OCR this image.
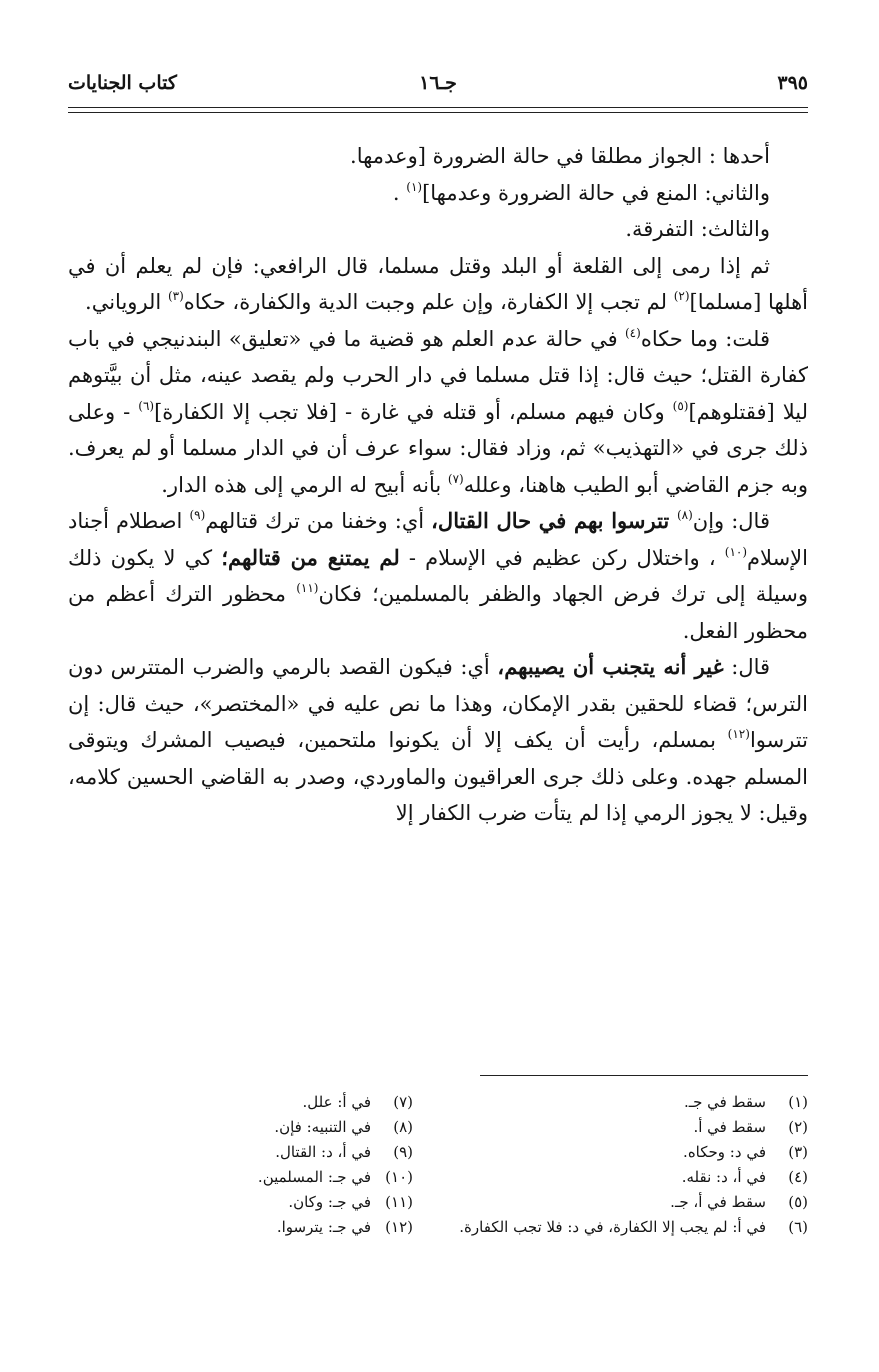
٣٩٥
جـ١٦
كتاب الجنايات

أحدها : الجواز مطلقا في حالة الضرورة [وعدمها.

والثاني: المنع في حالة الضرورة وعدمها]$^{(١)}$ .

والثالث: التفرقة.

ثم إذا رمى إلى القلعة أو البلد وقتل مسلما، قال الرافعي: فإن لم يعلم أن في أهلها [مسلما]$^{(٢)}$ لم تجب إلا الكفارة، وإن علم وجبت الدية والكفارة، حكاه$^{(٣)}$ الروياني.

قلت: وما حكاه$^{(٤)}$ في حالة عدم العلم هو قضية ما في «تعليق» البندنيجي في باب كفارة القتل؛ حيث قال: إذا قتل مسلما في دار الحرب ولم يقصد عينه، مثل أن بيَّتوهم ليلا [فقتلوهم]$^{(٥)}$ وكان فيهم مسلم، أو قتله في غارة - [فلا تجب إلا الكفارة]$^{(٦)}$ - وعلى ذلك جرى في «التهذيب» ثم، وزاد فقال: سواء عرف أن في الدار مسلما أو لم يعرف. وبه جزم القاضي أبو الطيب هاهنا، وعلله$^{(٧)}$ بأنه أبيح له الرمي إلى هذه الدار.

قال: وإن$^{(٨)}$ تترسوا بهم في حال القتال، أي: وخفنا من ترك قتالهم$^{(٩)}$ اصطلام أجناد الإسلام$^{(١٠)}$ ، واختلال ركن عظيم في الإسلام - لم يمتنع من قتالهم؛ كي لا يكون ذلك وسيلة إلى ترك فرض الجهاد والظفر بالمسلمين؛ فكان$^{(١١)}$ محظور الترك أعظم من محظور الفعل.

قال: غير أنه يتجنب أن يصيبهم، أي: فيكون القصد بالرمي والضرب المتترس دون الترس؛ قضاء للحقين بقدر الإمكان، وهذا ما نص عليه في «المختصر»، حيث قال: إن تترسوا$^{(١٢)}$ بمسلم، رأيت أن يكف إلا أن يكونوا ملتحمين، فيصيب المشرك ويتوقى المسلم جهده. وعلى ذلك جرى العراقيون والماوردي، وصدر به القاضي الحسين كلامه، وقيل: لا يجوز الرمي إذا لم يتأت ضرب الكفار إلا

(١)
سقط في جـ.
(٢)
سقط في أ.
(٣)
في د: وحكاه.
(٤)
في أ، د: نقله.
(٥)
سقط في أ، جـ.
(٦)
في أ: لم يجب إلا الكفارة، في د: فلا تجب الكفارة.
(٧)
في أ: علل.
(٨)
في التنبيه: فإن.
(٩)
في أ، د: القتال.
(١٠)
في جـ: المسلمين.
(١١)
في جـ: وكان.
(١٢)
في جـ: يترسوا.
